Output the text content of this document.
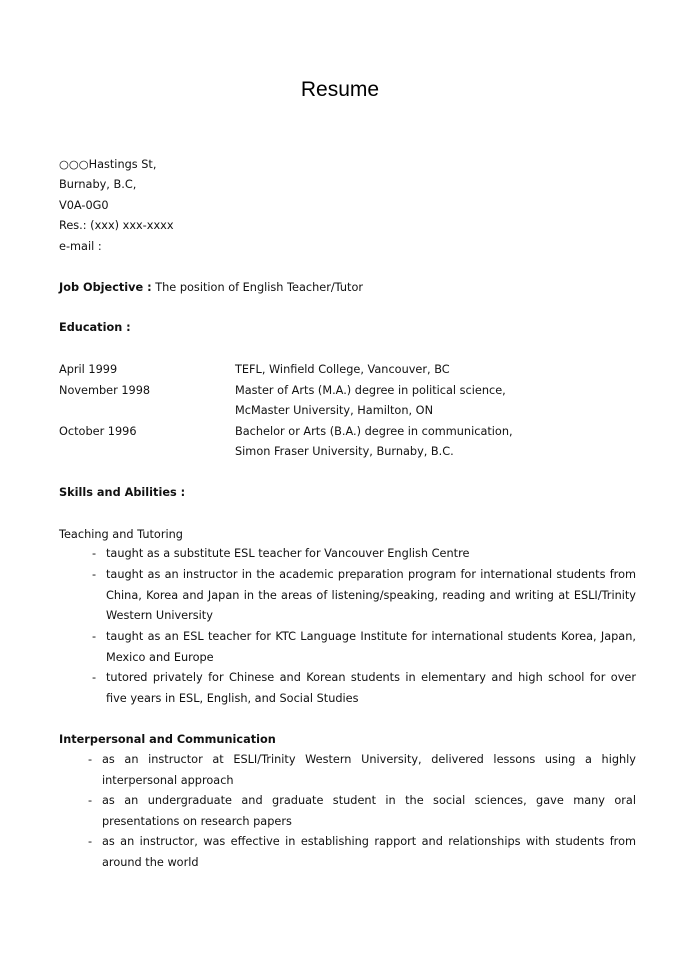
Resume
○○○Hastings St,
Burnaby, B.C,
V0A-0G0
Res.: (xxx) xxx-xxxx
e-mail :
Job Objective : The position of English Teacher/Tutor
Education :
April 1999	TEFL, Winfield College, Vancouver, BC
November 1998	Master of Arts (M.A.) degree in political science,
McMaster University, Hamilton, ON
October 1996	Bachelor or Arts (B.A.) degree in communication,
Simon Fraser University, Burnaby, B.C.
Skills and Abilities :
Teaching and Tutoring
- taught as a substitute ESL teacher for Vancouver English Centre
- taught as an instructor in the academic preparation program for international students from China, Korea and Japan in the areas of listening/speaking, reading and writing at ESLI/Trinity Western University
- taught as an ESL teacher for KTC Language Institute for international students Korea, Japan, Mexico and Europe
- tutored privately for Chinese and Korean students in elementary and high school for over five years in ESL, English, and Social Studies
Interpersonal and Communication
- as an instructor at ESLI/Trinity Western University, delivered lessons using a highly interpersonal approach
- as an undergraduate and graduate student in the social sciences, gave many oral presentations on research papers
- as an instructor, was effective in establishing rapport and relationships with students from around the world
